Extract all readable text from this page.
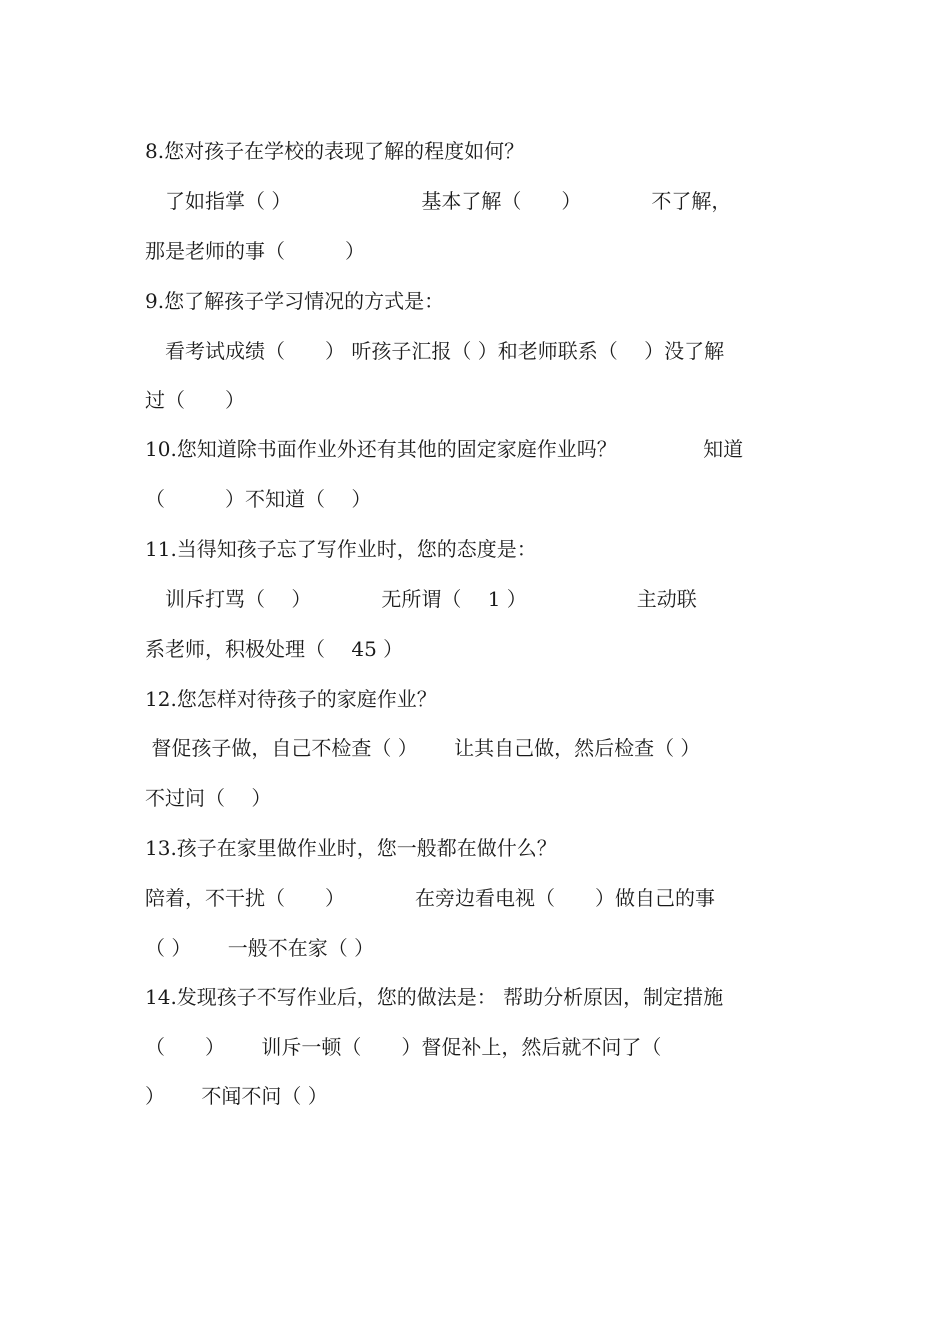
8.您对孩子在学校的表现了解的程度如何？
　了如指掌（ ）　　　　　　　基本了解（　　）　　　　不了解，
那是老师的事（　　　）
9.您了解孩子学习情况的方式是：
　看考试成绩（　　） 听孩子汇报（ ）和老师联系（　 ）没了解
过（　　）
10.您知道除书面作业外还有其他的固定家庭作业吗？　　　　 知道
（　　　）不知道（　 ）
11.当得知孩子忘了写作业时，您的态度是：
　训斥打骂（　 ）　　　　无所谓（　 1 ）　　　　　　主动联
系老师，积极处理（　 45 ）
12.您怎样对待孩子的家庭作业？
督促孩子做，自己不检查（ ）　　 让其自己做，然后检查（ ）
不过问（　 ）
13.孩子在家里做作业时，您一般都在做什么？
陪着，不干扰（　　）　　　　在旁边看电视（　　）做自己的事
（ ）　　 一般不在家（ ）
14.发现孩子不写作业后，您的做法是： 帮助分析原因，制定措施
（　　）　　 训斥一顿（　　）督促补上，然后就不问了（
）　　 不闻不问（ ）
